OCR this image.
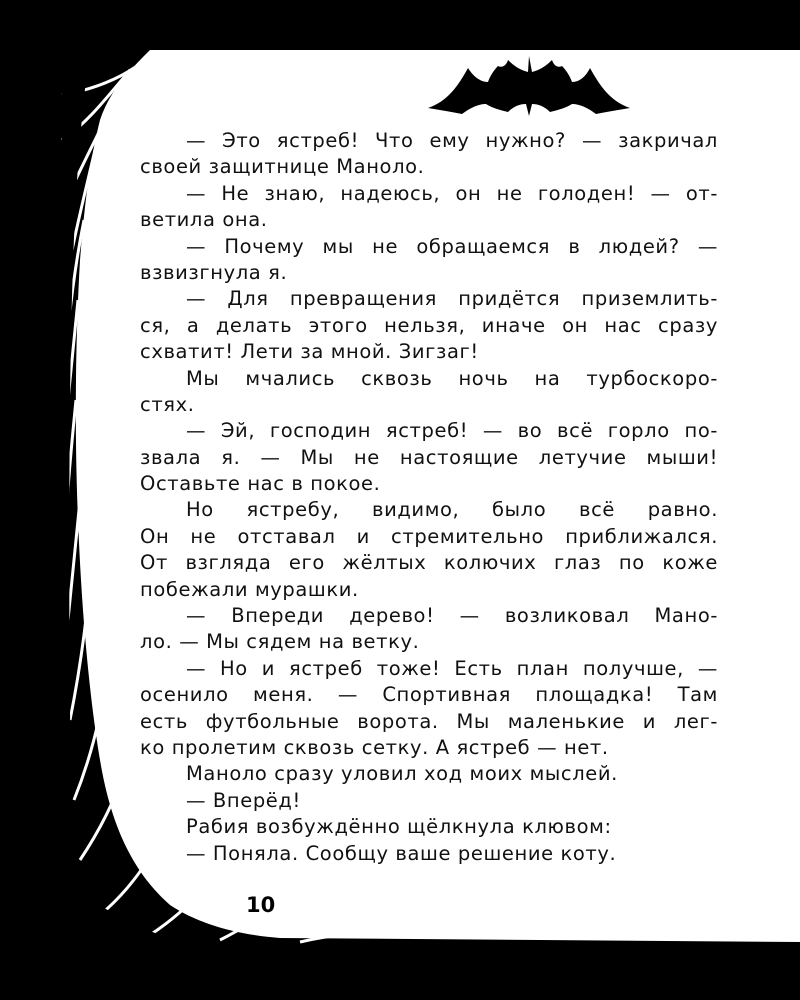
— Это ястреб! Что ему нужно? — закричал
своей защитнице Маноло.
— Не знаю, надеюсь, он не голоден! — от-
ветила она.
— Почему мы не обращаемся в людей? —
взвизгнула я.
— Для превращения придётся приземлить-
ся, а делать этого нельзя, иначе он нас сразу
схватит! Лети за мной. Зигзаг!
Мы мчались сквозь ночь на турбоскоро-
стях.
— Эй, господин ястреб! — во всё горло по-
звала я. — Мы не настоящие летучие мыши!
Оставьте нас в покое.
Но ястребу, видимо, было всё равно.
Он не отставал и стремительно приближался.
От взгляда его жёлтых колючих глаз по коже
побежали мурашки.
— Впереди дерево! — возликовал Мано-
ло. — Мы сядем на ветку.
— Но и ястреб тоже! Есть план получше, —
осенило меня. — Спортивная площадка! Там
есть футбольные ворота. Мы маленькие и лег-
ко пролетим сквозь сетку. А ястреб — нет.
Маноло сразу уловил ход моих мыслей.
— Вперёд!
Рабия возбуждённо щёлкнула клювом:
— Поняла. Сообщу ваше решение коту.
10
